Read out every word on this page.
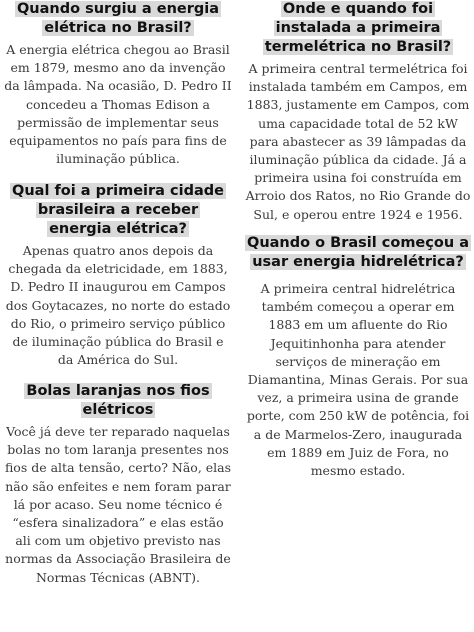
Quando surgiu a energia elétrica no Brasil?

A energia elétrica chegou ao Brasil em 1879, mesmo ano da invenção da lâmpada. Na ocasião, D. Pedro II concedeu a Thomas Edison a permissão de implementar seus equipamentos no país para fins de iluminação pública.

Qual foi a primeira cidade brasileira a receber energia elétrica?

Apenas quatro anos depois da chegada da eletricidade, em 1883, D. Pedro II inaugurou em Campos dos Goytacazes, no norte do estado do Rio, o primeiro serviço público de iluminação pública do Brasil e da América do Sul.

Bolas laranjas nos fios elétricos

Você já deve ter reparado naquelas bolas no tom laranja presentes nos fios de alta tensão, certo? Não, elas não são enfeites e nem foram parar lá por acaso. Seu nome técnico é “esfera sinalizadora” e elas estão ali com um objetivo previsto nas normas da Associação Brasileira de Normas Técnicas (ABNT).

Onde e quando foi instalada a primeira termelétrica no Brasil?

A primeira central termelétrica foi instalada também em Campos, em 1883, justamente em Campos, com uma capacidade total de 52 kW para abastecer as 39 lâmpadas da iluminação pública da cidade. Já a primeira usina foi construída em Arroio dos Ratos, no Rio Grande do Sul, e operou entre 1924 e 1956.

Quando o Brasil começou a usar energia hidrelétrica?

A primeira central hidrelétrica também começou a operar em 1883 em um afluente do Rio Jequitinhonha para atender serviços de mineração em Diamantina, Minas Gerais. Por sua vez, a primeira usina de grande porte, com 250 kW de potência, foi a de Marmelos-Zero, inaugurada em 1889 em Juiz de Fora, no mesmo estado.
